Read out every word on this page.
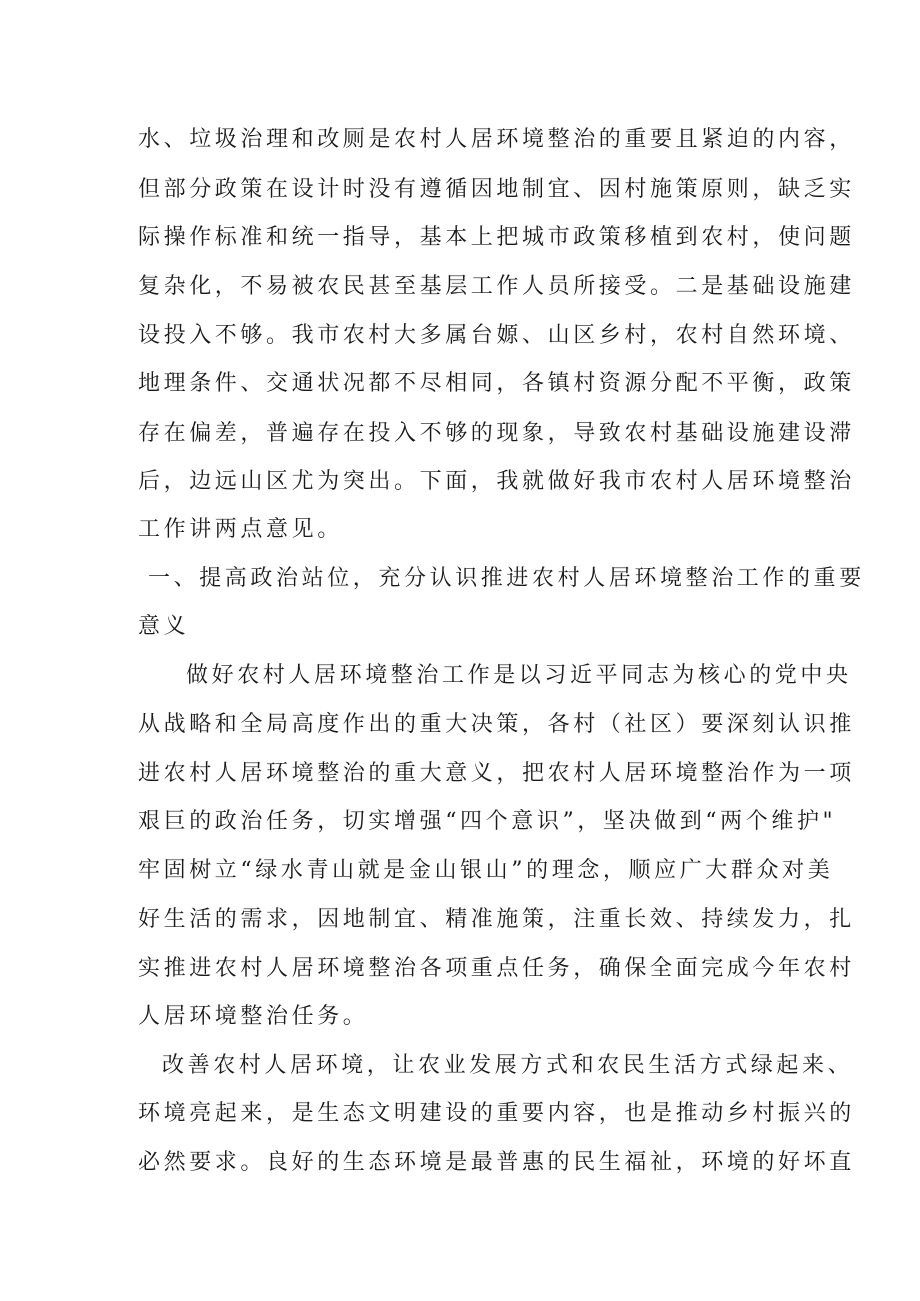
水、垃圾治理和改厕是农村人居环境整治的重要且紧迫的内容，
但部分政策在设计时没有遵循因地制宜、因村施策原则，缺乏实
际操作标准和统一指导，基本上把城市政策移植到农村，使问题
复杂化，不易被农民甚至基层工作人员所接受。二是基础设施建
设投入不够。我市农村大多属台嫄、山区乡村，农村自然环境、
地理条件、交通状况都不尽相同，各镇村资源分配不平衡，政策
存在偏差，普遍存在投入不够的现象，导致农村基础设施建设滞
后，边远山区尤为突出。下面，我就做好我市农村人居环境整治
工作讲两点意见。
一、提高政治站位，充分认识推进农村人居环境整治工作的重要
意义
做好农村人居环境整治工作是以习近平同志为核心的党中央
从战略和全局高度作出的重大决策，各村（社区）要深刻认识推
进农村人居环境整治的重大意义，把农村人居环境整治作为一项
艰巨的政治任务，切实增强“四个意识”，坚决做到“两个维护"
牢固树立“绿水青山就是金山银山”的理念，顺应广大群众对美
好生活的需求，因地制宜、精准施策，注重长效、持续发力，扎
实推进农村人居环境整治各项重点任务，确保全面完成今年农村
人居环境整治任务。
改善农村人居环境，让农业发展方式和农民生活方式绿起来、
环境亮起来，是生态文明建设的重要内容，也是推动乡村振兴的
必然要求。良好的生态环境是最普惠的民生福祉，环境的好坏直
